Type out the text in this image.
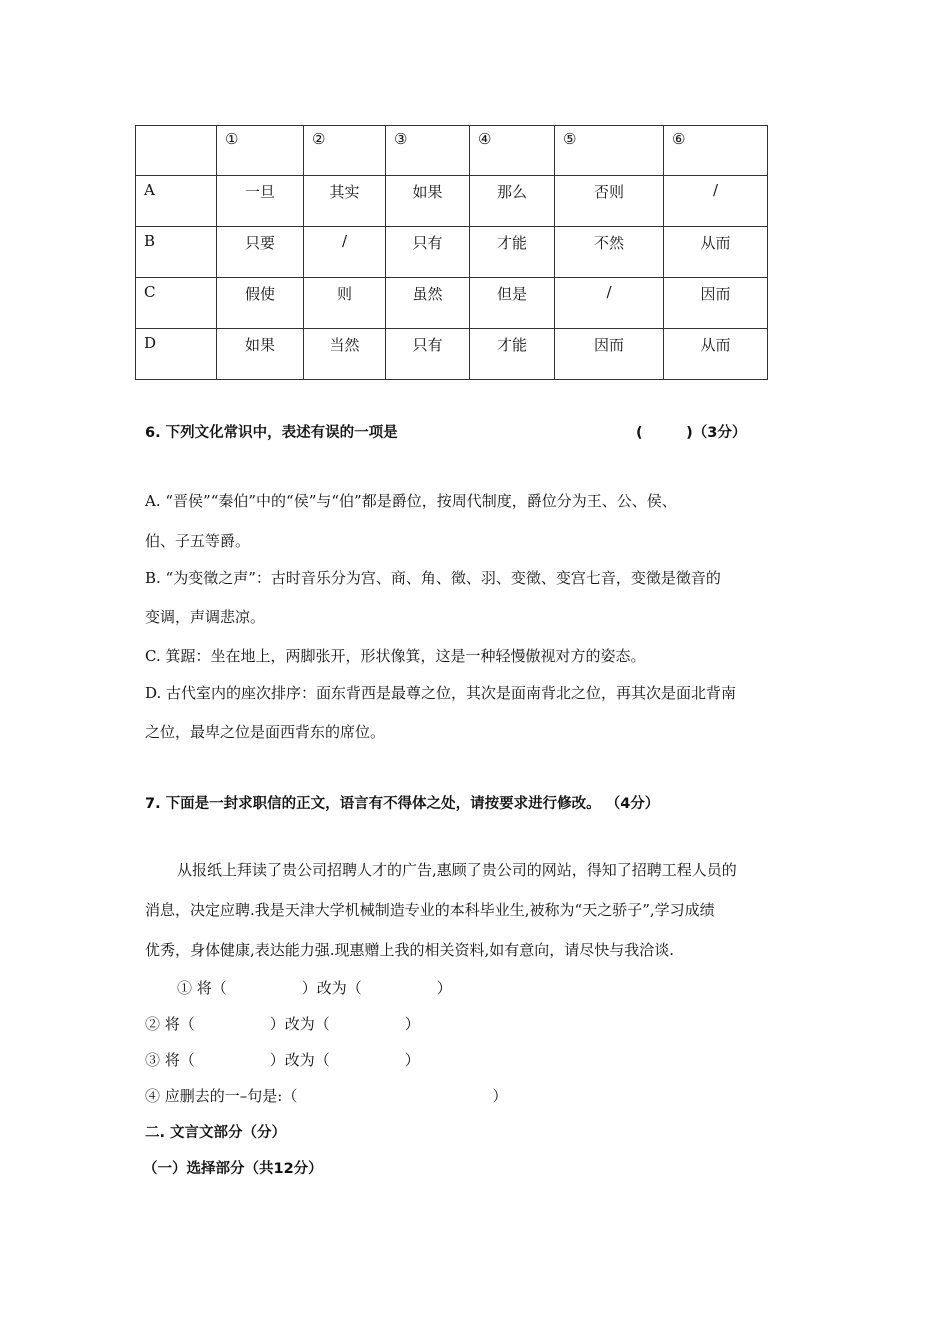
	①	②	③	④	⑤	⑥
A	一旦	其实	如果	那么	否则	/
B	只要	/	只有	才能	不然	从而
C	假使	则	虽然	但是	/	因而
D	如果	当然	只有	才能	因而	从而
6. 下列文化常识中，表述有误的一项是	(　　　)（3分）
A. “晋侯”“秦伯”中的“侯”与“伯”都是爵位，按周代制度，爵位分为王、公、侯、
伯、子五等爵。
B. “为变徵之声”：古时音乐分为宫、商、角、徵、羽、变徵、变宫七音，变徵是徵音的
变调，声调悲凉。
C. 箕踞：坐在地上，两脚张开，形状像箕，这是一种轻慢傲视对方的姿态。
D. 古代室内的座次排序：面东背西是最尊之位，其次是面南背北之位，再其次是面北背南
之位，最卑之位是面西背东的席位。
7. 下面是一封求职信的正文，语言有不得体之处，请按要求进行修改。 （4分）
从报纸上拜读了贵公司招聘人才的广告,惠顾了贵公司的网站，得知了招聘工程人员的
消息，决定应聘.我是天津大学机械制造专业的本科毕业生,被称为“天之骄子”,学习成绩
优秀，身体健康,表达能力强.现惠赠上我的相关资料,如有意向，请尽快与我洽谈.
① 将（　　　　　）改为（　　　　　）
② 将（　　　　　）改为（　　　　　）
③ 将（　　　　　）改为（　　　　　）
④ 应删去的一–句是:（　　　　　　　　　　　　　）
二. 文言文部分（分）
（一）选择部分（共12分）
